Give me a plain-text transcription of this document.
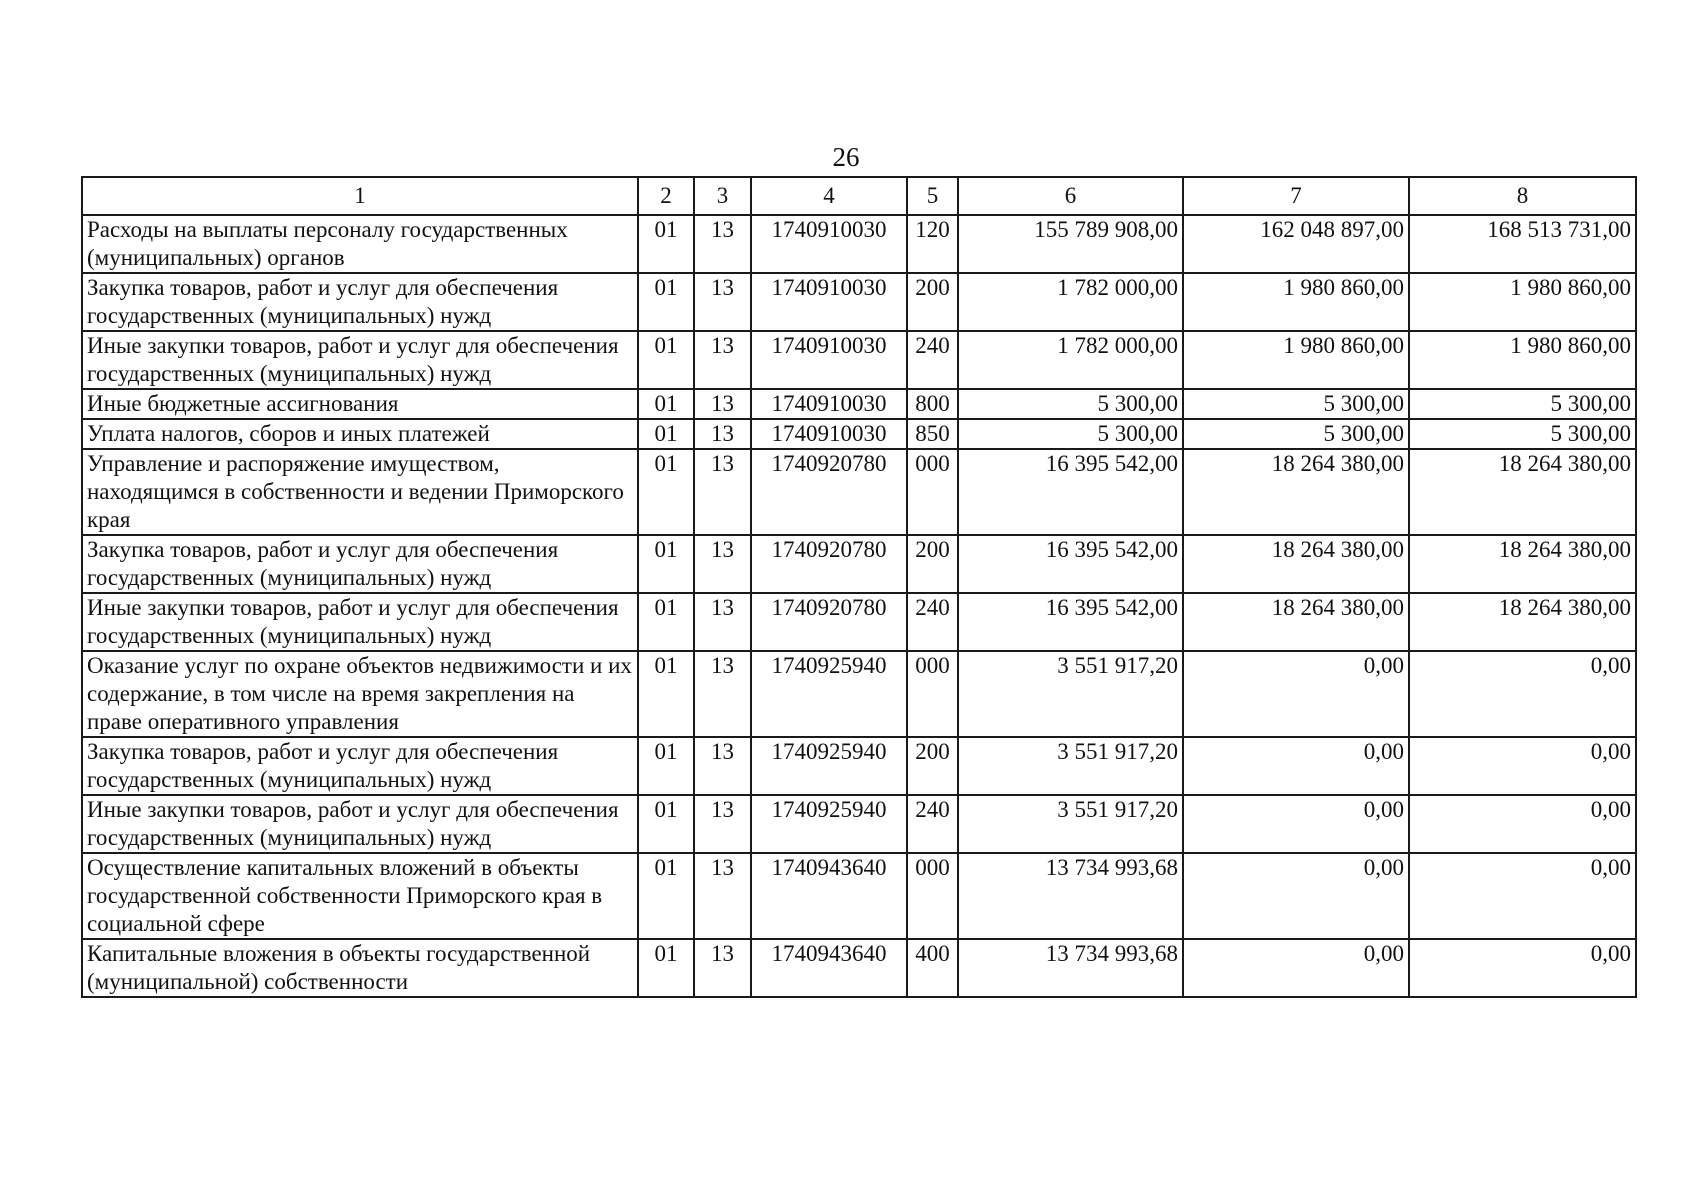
26
1	2	3	4	5	6	7	8
Расходы на выплаты персоналу государственных (муниципальных) органов	01	13	1740910030	120	155 789 908,00	162 048 897,00	168 513 731,00
Закупка товаров, работ и услуг для обеспечения государственных (муниципальных) нужд	01	13	1740910030	200	1 782 000,00	1 980 860,00	1 980 860,00
Иные закупки товаров, работ и услуг для обеспечения государственных (муниципальных) нужд	01	13	1740910030	240	1 782 000,00	1 980 860,00	1 980 860,00
Иные бюджетные ассигнования	01	13	1740910030	800	5 300,00	5 300,00	5 300,00
Уплата налогов, сборов и иных платежей	01	13	1740910030	850	5 300,00	5 300,00	5 300,00
Управление и распоряжение имуществом, находящимся в собственности и ведении Приморского края	01	13	1740920780	000	16 395 542,00	18 264 380,00	18 264 380,00
Закупка товаров, работ и услуг для обеспечения государственных (муниципальных) нужд	01	13	1740920780	200	16 395 542,00	18 264 380,00	18 264 380,00
Иные закупки товаров, работ и услуг для обеспечения государственных (муниципальных) нужд	01	13	1740920780	240	16 395 542,00	18 264 380,00	18 264 380,00
Оказание услуг по охране объектов недвижимости и их содержание, в том числе на время закрепления на праве оперативного управления	01	13	1740925940	000	3 551 917,20	0,00	0,00
Закупка товаров, работ и услуг для обеспечения государственных (муниципальных) нужд	01	13	1740925940	200	3 551 917,20	0,00	0,00
Иные закупки товаров, работ и услуг для обеспечения государственных (муниципальных) нужд	01	13	1740925940	240	3 551 917,20	0,00	0,00
Осуществление капитальных вложений в объекты государственной собственности Приморского края в социальной сфере	01	13	1740943640	000	13 734 993,68	0,00	0,00
Капитальные вложения в объекты государственной (муниципальной) собственности	01	13	1740943640	400	13 734 993,68	0,00	0,00
